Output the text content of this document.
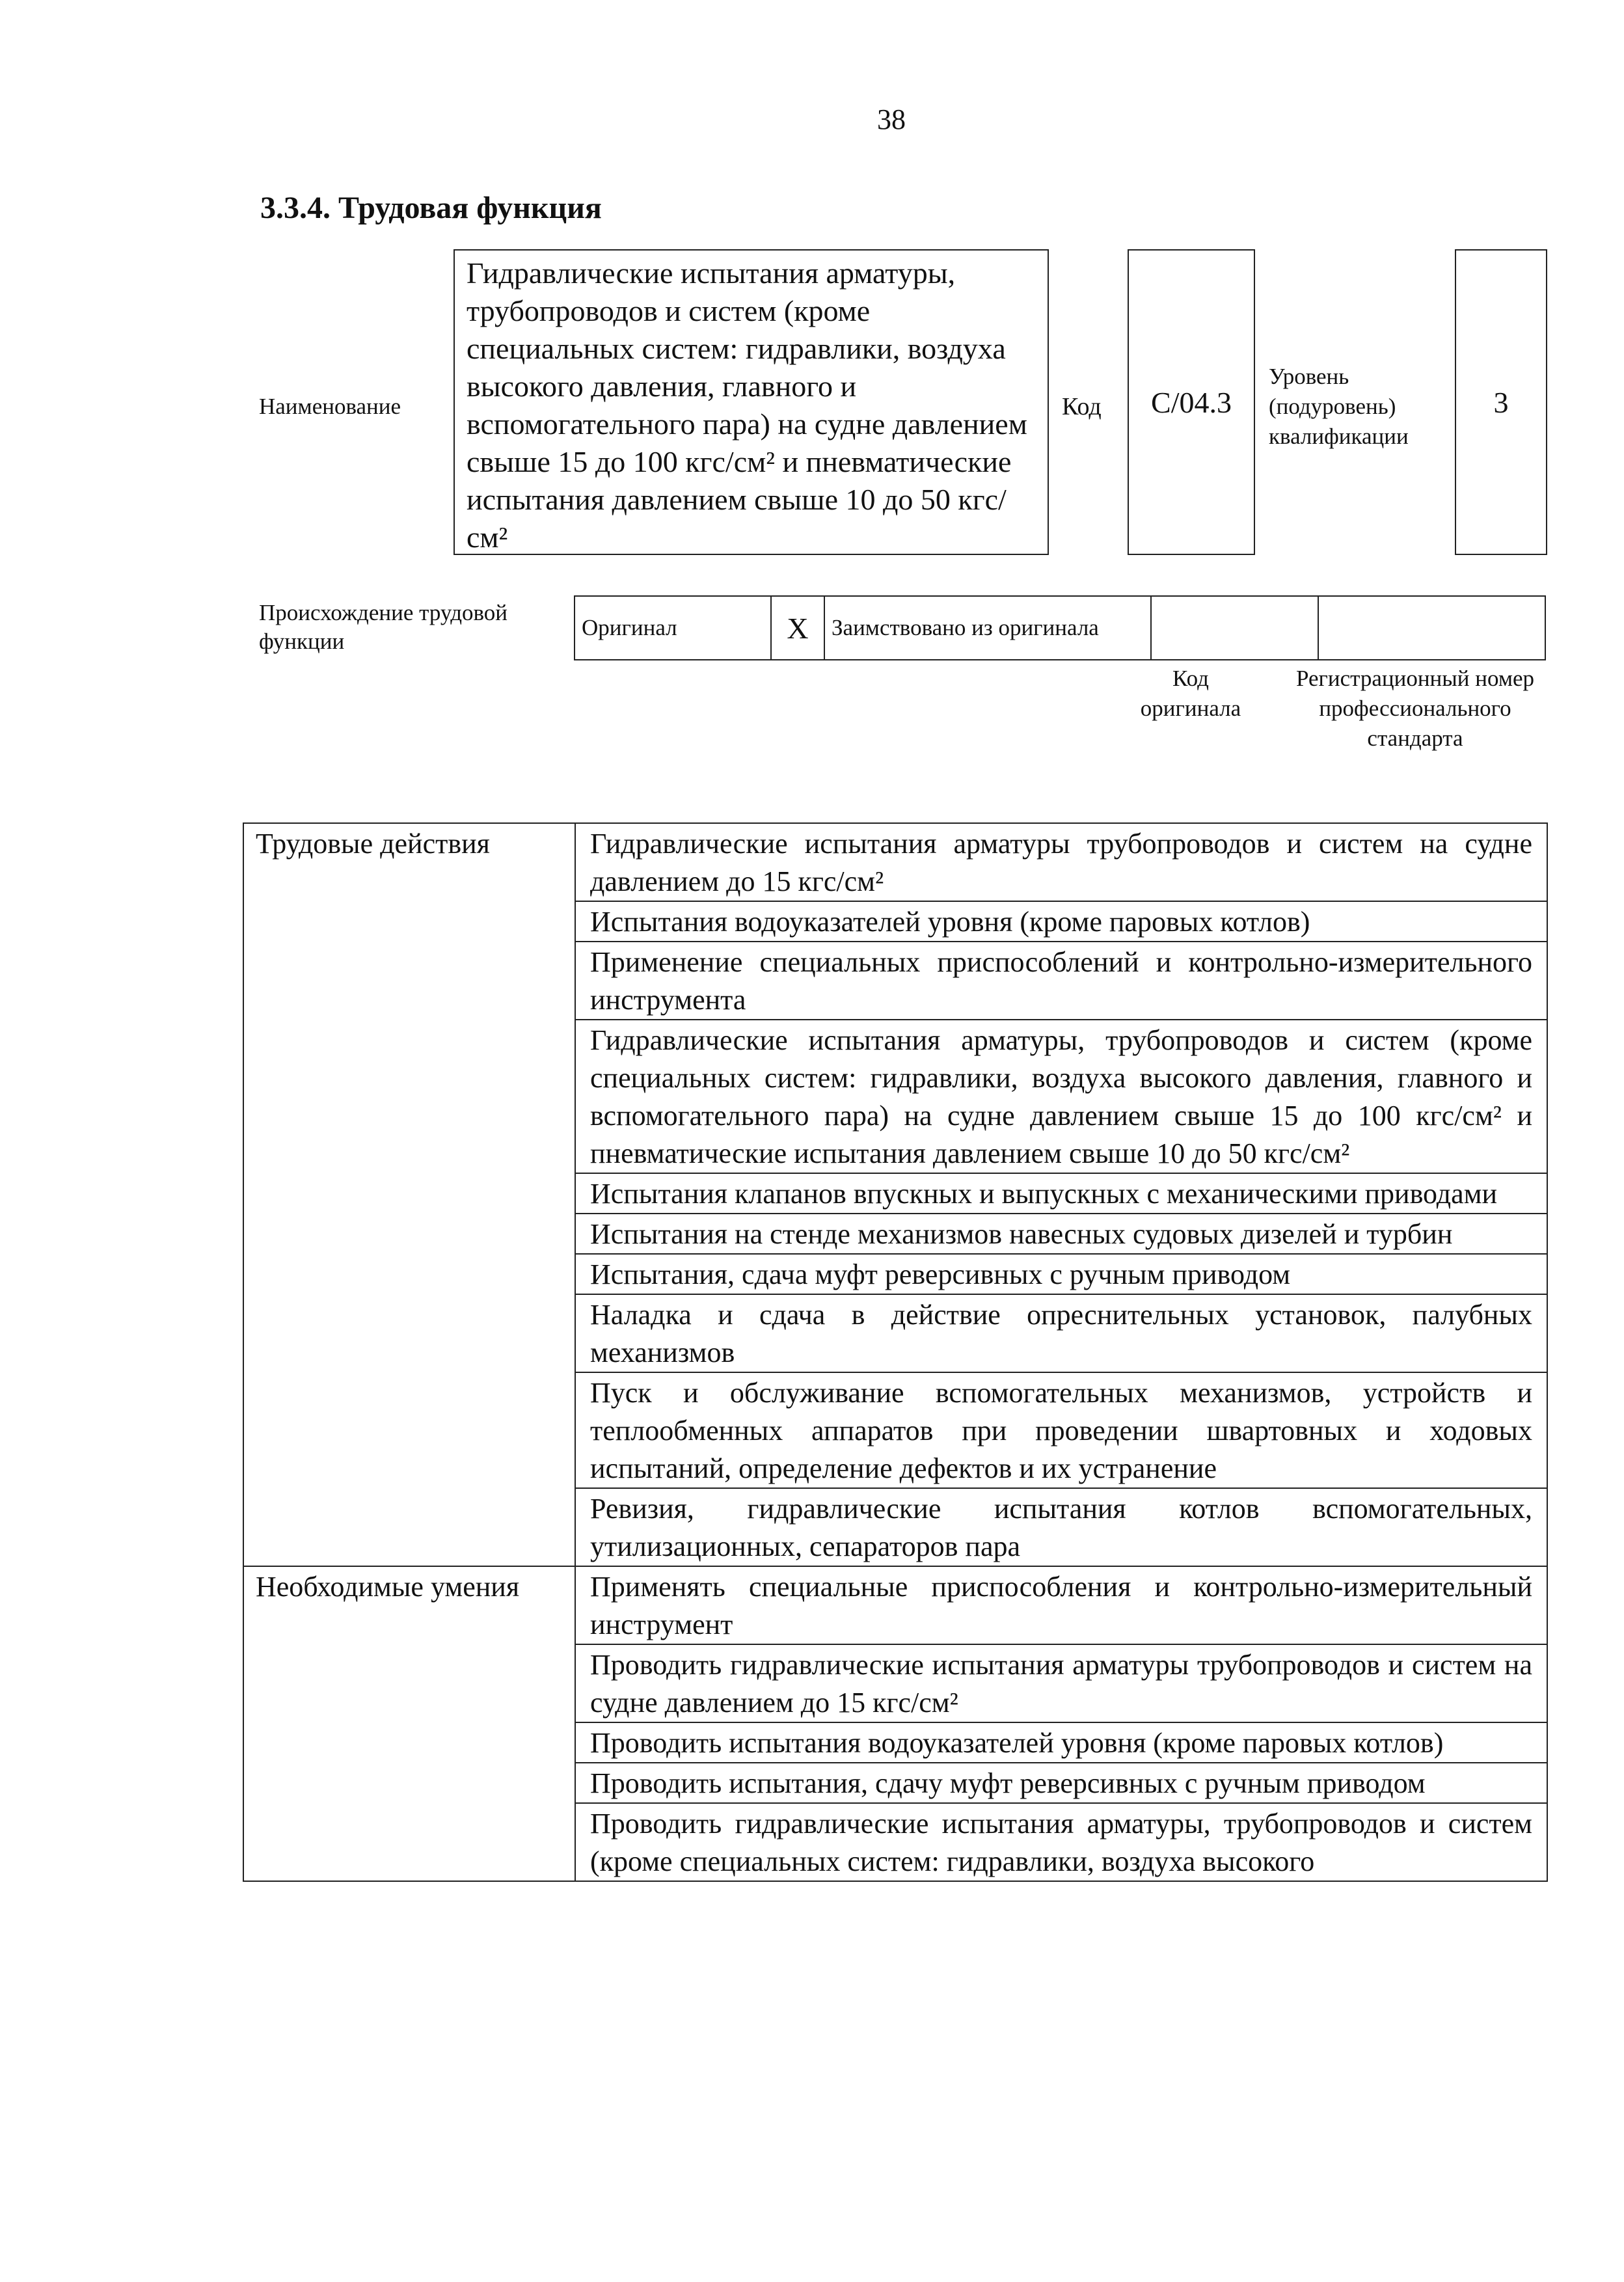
38
3.3.4. Трудовая функция
Наименование
Гидравлические испытания арматуры, трубопроводов и систем (кроме специальных систем: гидравлики, воздуха высокого давления, главного и вспомогательного пара) на судне давлением свыше 15 до 100 кгс/см² и пневматические испытания давлением свыше 10 до 50 кгс/см²
Код С/04.3
Уровень (подуровень) квалификации
3
Происхождение трудовой функции
Оригинал	X	Заимствовано из оригинала		
Код оригинала
Регистрационный номер профессионального стандарта
Трудовые действия	Гидравлические испытания арматуры трубопроводов и систем на судне давлением до 15 кгс/см²
	Испытания водоуказателей уровня (кроме паровых котлов)
	Применение специальных приспособлений и контрольно-измерительного инструмента
	Гидравлические испытания арматуры, трубопроводов и систем (кроме специальных систем: гидравлики, воздуха высокого давления, главного и вспомогательного пара) на судне давлением свыше 15 до 100 кгс/см² и пневматические испытания давлением свыше 10 до 50 кгс/см²
	Испытания клапанов впускных и выпускных с механическими приводами
	Испытания на стенде механизмов навесных судовых дизелей и турбин
	Испытания, сдача муфт реверсивных с ручным приводом
	Наладка и сдача в действие опреснительных установок, палубных механизмов
	Пуск и обслуживание вспомогательных механизмов, устройств и теплообменных аппаратов при проведении швартовных и ходовых испытаний, определение дефектов и их устранение
	Ревизия, гидравлические испытания котлов вспомогательных, утилизационных, сепараторов пара
Необходимые умения	Применять специальные приспособления и контрольно-измерительный инструмент
	Проводить гидравлические испытания арматуры трубопроводов и систем на судне давлением до 15 кгс/см²
	Проводить испытания водоуказателей уровня (кроме паровых котлов)
	Проводить испытания, сдачу муфт реверсивных с ручным приводом
	Проводить гидравлические испытания арматуры, трубопроводов и систем (кроме специальных систем: гидравлики, воздуха высокого
